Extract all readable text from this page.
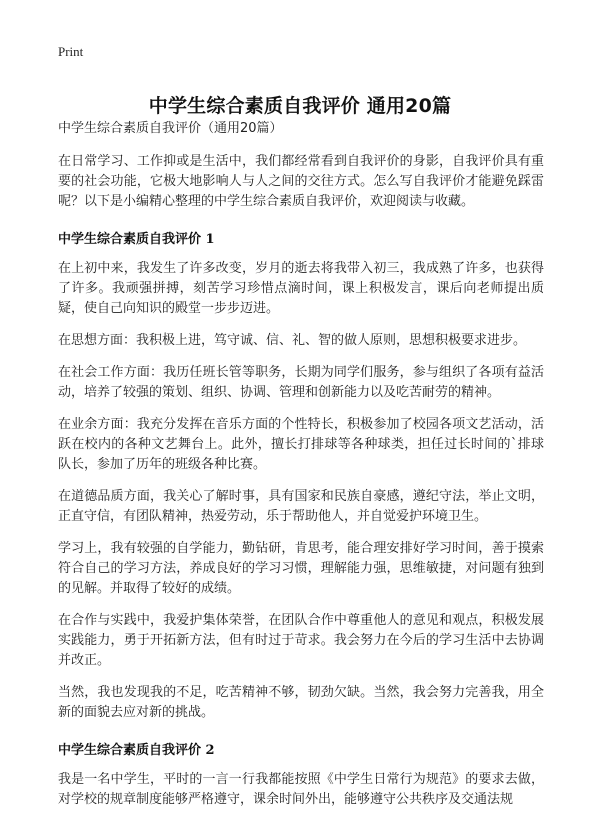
Print
中学生综合素质自我评价 通用20篇
中学生综合素质自我评价（通用20篇）

在日常学习、工作抑或是生活中，我们都经常看到自我评价的身影，自我评价具有重要的社会功能，它极大地影响人与人之间的交往方式。怎么写自我评价才能避免踩雷呢？以下是小编精心整理的中学生综合素质自我评价，欢迎阅读与收藏。

中学生综合素质自我评价 1

在上初中来，我发生了许多改变，岁月的逝去将我带入初三，我成熟了许多，也获得了许多。我顽强拼搏，刻苦学习珍惜点滴时间，课上积极发言，课后向老师提出质疑，使自己向知识的殿堂一步步迈进。

在思想方面：我积极上进，笃守诚、信、礼、智的做人原则，思想积极要求进步。

在社会工作方面：我历任班长管等职务，长期为同学们服务，参与组织了各项有益活动，培养了较强的策划、组织、协调、管理和创新能力以及吃苦耐劳的精神。

在业余方面：我充分发挥在音乐方面的个性特长，积极参加了校园各项文艺活动，活跃在校内的各种文艺舞台上。此外，擅长打排球等各种球类，担任过长时间的`排球队长，参加了历年的班级各种比赛。

在道德品质方面，我关心了解时事，具有国家和民族自豪感，遵纪守法，举止文明，正直守信，有团队精神，热爱劳动，乐于帮助他人，并自觉爱护环境卫生。

学习上，我有较强的自学能力，勤钻研，肯思考，能合理安排好学习时间，善于摸索符合自己的学习方法，养成良好的学习习惯，理解能力强，思维敏捷，对问题有独到的见解。并取得了较好的成绩。

在合作与实践中，我爱护集体荣誉，在团队合作中尊重他人的意见和观点，积极发展实践能力，勇于开拓新方法，但有时过于苛求。我会努力在今后的学习生活中去协调并改正。

当然，我也发现我的不足，吃苦精神不够，韧劲欠缺。当然，我会努力完善我，用全新的面貌去应对新的挑战。

中学生综合素质自我评价 2

我是一名中学生，平时的一言一行我都能按照《中学生日常行为规范》的要求去做，对学校的规章制度能够严格遵守，课余时间外出，能够遵守公共秩序及交通法规
